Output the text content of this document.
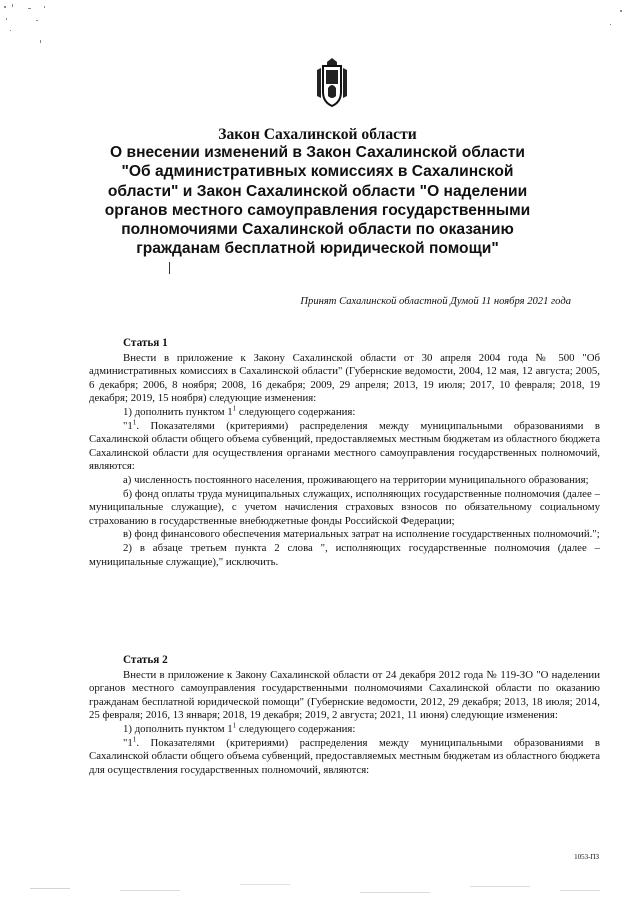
Закон Сахалинской области
О внесении изменений в Закон Сахалинской области "Об административных комиссиях в Сахалинской области" и Закон Сахалинской области "О наделении органов местного самоуправления государственными полномочиями Сахалинской области по оказанию гражданам бесплатной юридической помощи"
Принят Сахалинской областной Думой 11 ноября 2021 года

Статья 1

Внести в приложение к Закону Сахалинской области от 30 апреля 2004 года № 500 "Об административных комиссиях в Сахалинской области" (Губернские ведомости, 2004, 12 мая, 12 августа; 2005, 6 декабря; 2006, 8 ноября; 2008, 16 декабря; 2009, 29 апреля; 2013, 19 июля; 2017, 10 февраля; 2018, 19 декабря; 2019, 15 ноября) следующие изменения:

1) дополнить пунктом $1^1$ следующего содержания:

"$1^1$. Показателями (критериями) распределения между муниципальными образованиями в Сахалинской области общего объема субвенций, предоставляемых местным бюджетам из областного бюджета Сахалинской области для осуществления органами местного самоуправления государственных полномочий, являются:

а) численность постоянного населения, проживающего на территории муниципального образования;

б) фонд оплаты труда муниципальных служащих, исполняющих государственные полномочия (далее – муниципальные служащие), с учетом начисления страховых взносов по обязательному социальному страхованию в государственные внебюджетные фонды Российской Федерации;

в) фонд финансового обеспечения материальных затрат на исполнение государственных полномочий.";

2) в абзаце третьем пункта 2 слова ", исполняющих государственные полномочия (далее – муниципальные служащие)," исключить.

Статья 2

Внести в приложение к Закону Сахалинской области от 24 декабря 2012 года № 119-ЗО "О наделении органов местного самоуправления государственными полномочиями Сахалинской области по оказанию гражданам бесплатной юридической помощи" (Губернские ведомости, 2012, 29 декабря; 2013, 18 июля; 2014, 25 февраля; 2016, 13 января; 2018, 19 декабря; 2019, 2 августа; 2021, 11 июня) следующие изменения:

1) дополнить пунктом $1^1$ следующего содержания:

"$1^1$. Показателями (критериями) распределения между муниципальными образованиями в Сахалинской области общего объема субвенций, предоставляемых местным бюджетам из областного бюджета для осуществления государственных полномочий, являются:

1053-ПЗ
